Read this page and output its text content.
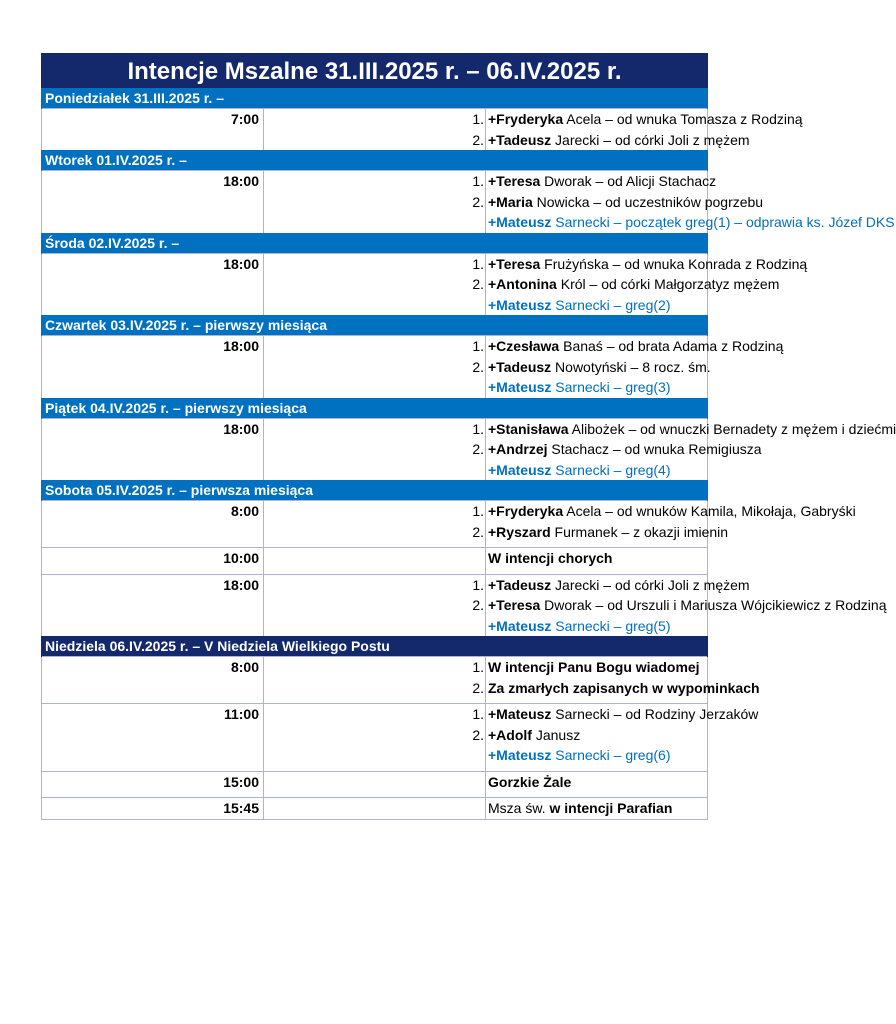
Intencje Mszalne 31.III.2025 r. – 06.IV.2025 r.
Poniedziałek 31.III.2025 r. –		
7:00	1.	+Fryderyka Acela – od wnuka Tomasza z Rodziną
	2.	+Tadeusz Jarecki – od córki Joli z mężem
Wtorek 01.IV.2025 r. –		
18:00	1.	+Teresa Dworak – od Alicji Stachacz
	2.	+Maria Nowicka – od uczestników pogrzebu
		+Mateusz Sarnecki – początek greg(1) – odprawia ks. Józef DKS
Środa 02.IV.2025 r. –		
18:00	1.	+Teresa Frużyńska – od wnuka Konrada z Rodziną
	2.	+Antonina Król – od córki Małgorzatyz mężem
		+Mateusz Sarnecki – greg(2)
Czwartek 03.IV.2025 r. – pierwszy miesiąca		
18:00	1.	+Czesława Banaś – od brata Adama z Rodziną
	2.	+Tadeusz Nowotyński – 8 rocz. śm.
		+Mateusz Sarnecki – greg(3)
Piątek 04.IV.2025 r. – pierwszy miesiąca		
18:00	1.	+Stanisława Alibożek – od wnuczki Bernadety z mężem i dziećmi
	2.	+Andrzej Stachacz – od wnuka Remigiusza
		+Mateusz Sarnecki – greg(4)
Sobota 05.IV.2025 r. – pierwsza miesiąca		
8:00	1.	+Fryderyka Acela – od wnuków Kamila, Mikołaja, Gabryśki
	2.	+Ryszard Furmanek – z okazji imienin

10:00		W intencji chorych

18:00	1.	+Tadeusz Jarecki – od córki Joli z mężem
	2.	+Teresa Dworak – od Urszuli i Mariusza Wójcikiewicz z Rodziną
		+Mateusz Sarnecki – greg(5)
Niedziela 06.IV.2025 r. – V Niedziela Wielkiego Postu		
8:00	1.	W intencji Panu Bogu wiadomej
	2.	Za zmarłych zapisanych w wypominkach

11:00	1.	+Mateusz Sarnecki – od Rodziny Jerzaków
	2.	+Adolf Janusz
		+Mateusz Sarnecki – greg(6)

15:00		Gorzkie Żale

15:45		Msza św. w intencji Parafian
